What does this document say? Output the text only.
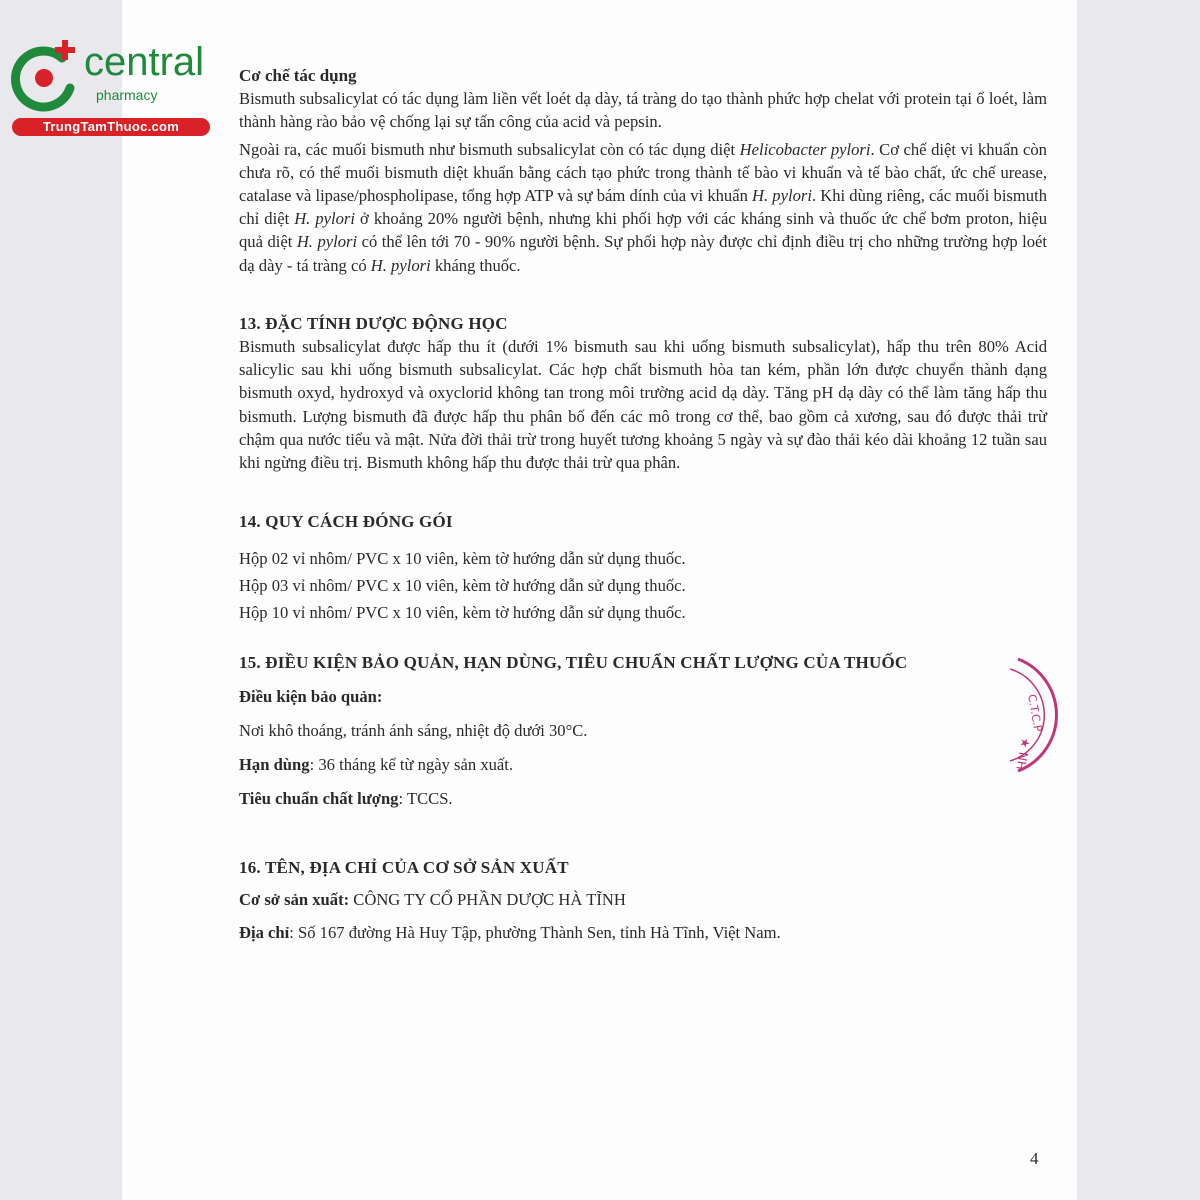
central
pharmacy
TrungTamThuoc.com

Cơ chế tác dụng

Bismuth subsalicylat có tác dụng làm liền vết loét dạ dày, tá tràng do tạo thành phức hợp chelat với protein tại ổ loét, làm thành hàng rào bảo vệ chống lại sự tấn công của acid và pepsin.

Ngoài ra, các muối bismuth như bismuth subsalicylat còn có tác dụng diệt Helicobacter pylori. Cơ chế diệt vi khuẩn còn chưa rõ, có thể muối bismuth diệt khuẩn bằng cách tạo phức trong thành tế bào vi khuẩn và tế bào chất, ức chế urease, catalase và lipase/phospholipase, tổng hợp ATP và sự bám dính của vi khuẩn H. pylori. Khi dùng riêng, các muối bismuth chỉ diệt H. pylori ở khoảng 20% người bệnh, nhưng khi phối hợp với các kháng sinh và thuốc ức chế bơm proton, hiệu quả diệt H. pylori có thể lên tới 70 - 90% người bệnh. Sự phối hợp này được chỉ định điều trị cho những trường hợp loét dạ dày - tá tràng có H. pylori kháng thuốc.

13. ĐẶC TÍNH DƯỢC ĐỘNG HỌC

Bismuth subsalicylat được hấp thu ít (dưới 1% bismuth sau khi uống bismuth subsalicylat), hấp thu trên 80% Acid salicylic sau khi uống bismuth subsalicylat. Các hợp chất bismuth hòa tan kém, phần lớn được chuyển thành dạng bismuth oxyd, hydroxyd và oxyclorid không tan trong môi trường acid dạ dày. Tăng pH dạ dày có thể làm tăng hấp thu bismuth. Lượng bismuth đã được hấp thu phân bố đến các mô trong cơ thể, bao gồm cả xương, sau đó được thải trừ chậm qua nước tiểu và mật. Nửa đời thải trừ trong huyết tương khoảng 5 ngày và sự đào thải kéo dài khoảng 12 tuần sau khi ngừng điều trị. Bismuth không hấp thu được thải trừ qua phân.

14. QUY CÁCH ĐÓNG GÓI

Hộp 02 vỉ nhôm/ PVC x 10 viên, kèm tờ hướng dẫn sử dụng thuốc.

Hộp 03 vỉ nhôm/ PVC x 10 viên, kèm tờ hướng dẫn sử dụng thuốc.

Hộp 10 vỉ nhôm/ PVC x 10 viên, kèm tờ hướng dẫn sử dụng thuốc.

15. ĐIỀU KIỆN BẢO QUẢN, HẠN DÙNG, TIÊU CHUẨN CHẤT LƯỢNG CỦA THUỐC

Điều kiện bảo quản:

Nơi khô thoáng, tránh ánh sáng, nhiệt độ dưới 30°C.

Hạn dùng: 36 tháng kể từ ngày sản xuất.

Tiêu chuẩn chất lượng: TCCS.

16. TÊN, ĐỊA CHỈ CỦA CƠ SỞ SẢN XUẤT

Cơ sở sản xuất: CÔNG TY CỔ PHẦN DƯỢC HÀ TĨNH

Địa chỉ: Số 167 đường Hà Huy Tập, phường Thành Sen, tỉnh Hà Tĩnh, Việt Nam.

C.T.C.P
★ NH
4
